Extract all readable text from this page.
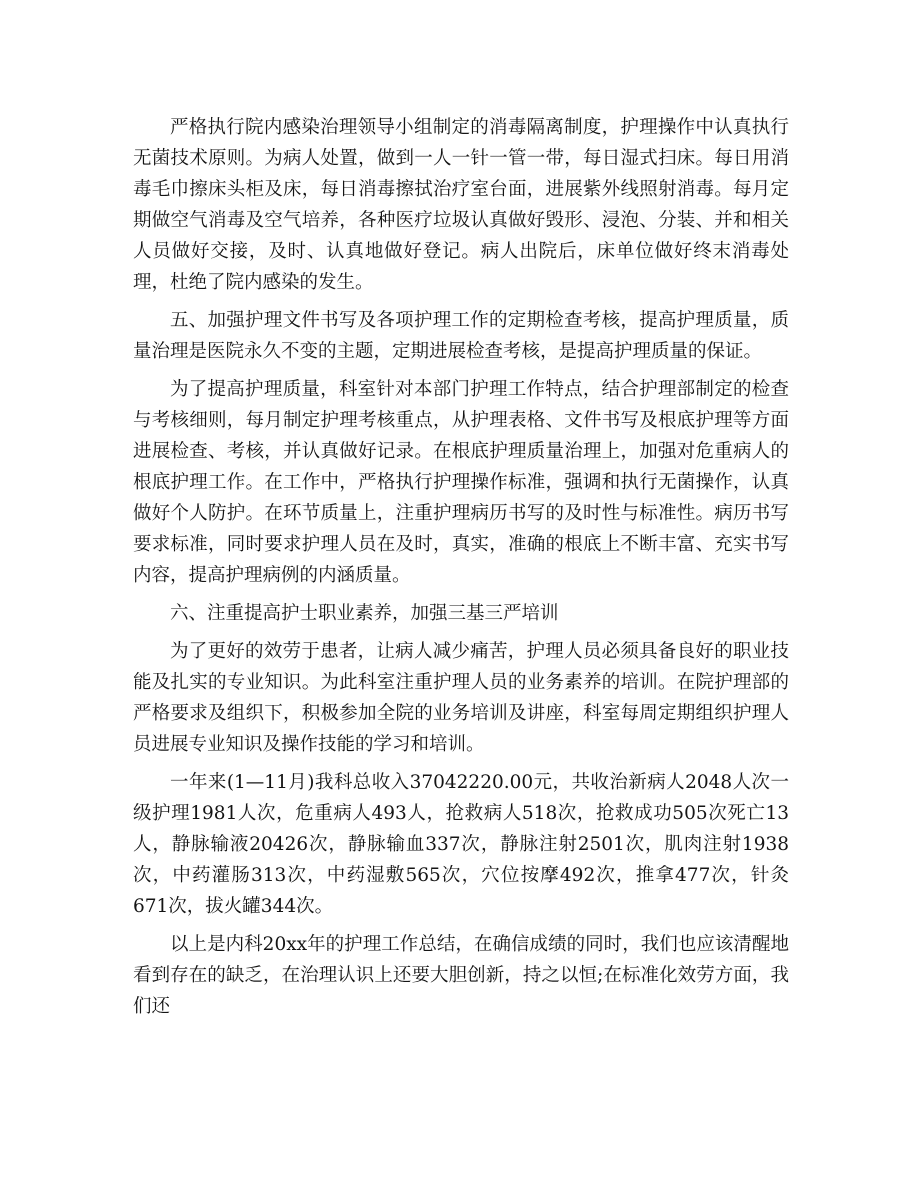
严格执行院内感染治理领导小组制定的消毒隔离制度，护理操作中认真执行无菌技术原则。为病人处置，做到一人一针一管一带，每日湿式扫床。每日用消毒毛巾擦床头柜及床，每日消毒擦拭治疗室台面，进展紫外线照射消毒。每月定期做空气消毒及空气培养，各种医疗垃圾认真做好毁形、浸泡、分装、并和相关人员做好交接，及时、认真地做好登记。病人出院后，床单位做好终末消毒处理，杜绝了院内感染的发生。

五、加强护理文件书写及各项护理工作的定期检查考核，提高护理质量，质量治理是医院永久不变的主题，定期进展检查考核，是提高护理质量的保证。

为了提高护理质量，科室针对本部门护理工作特点，结合护理部制定的检查与考核细则，每月制定护理考核重点，从护理表格、文件书写及根底护理等方面进展检查、考核，并认真做好记录。在根底护理质量治理上，加强对危重病人的根底护理工作。在工作中，严格执行护理操作标准，强调和执行无菌操作，认真做好个人防护。在环节质量上，注重护理病历书写的及时性与标准性。病历书写要求标准，同时要求护理人员在及时，真实，准确的根底上不断丰富、充实书写内容，提高护理病例的内涵质量。

六、注重提高护士职业素养，加强三基三严培训

为了更好的效劳于患者，让病人减少痛苦，护理人员必须具备良好的职业技能及扎实的专业知识。为此科室注重护理人员的业务素养的培训。在院护理部的严格要求及组织下，积极参加全院的业务培训及讲座，科室每周定期组织护理人员进展专业知识及操作技能的学习和培训。

一年来(1—11月)我科总收入37042220.00元，共收治新病人2048人次一级护理1981人次，危重病人493人，抢救病人518次，抢救成功505次死亡13人，静脉输液20426次，静脉输血337次，静脉注射2501次，肌肉注射1938次，中药灌肠313次，中药湿敷565次，穴位按摩492次，推拿477次，针灸671次，拔火罐344次。

以上是内科20xx年的护理工作总结，在确信成绩的同时，我们也应该清醒地看到存在的缺乏，在治理认识上还要大胆创新，持之以恒;在标准化效劳方面，我们还
